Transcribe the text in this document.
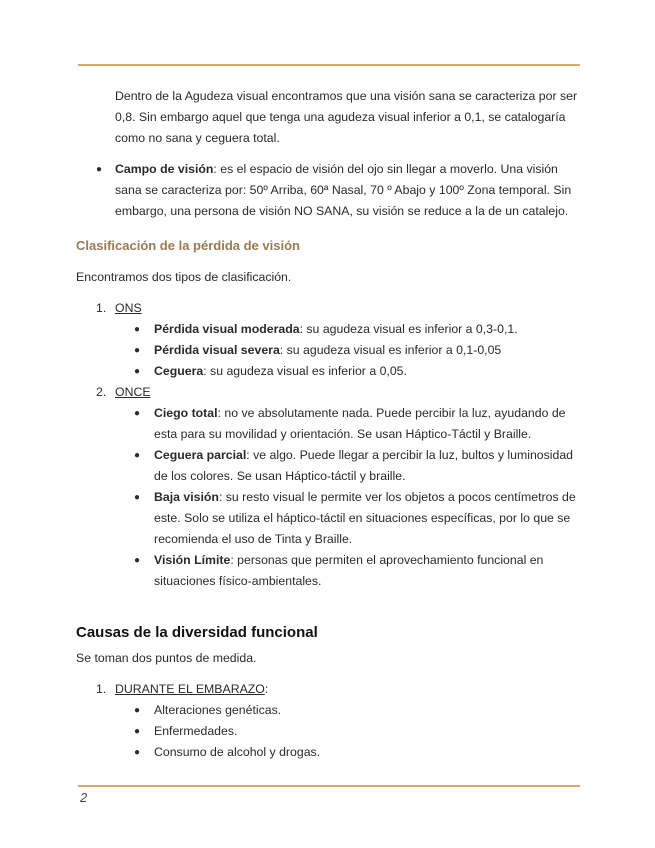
Dentro de la Agudeza visual encontramos que una visión sana se caracteriza por ser 0,8. Sin embargo aquel que tenga una agudeza visual inferior a 0,1, se catalogaría como no sana y ceguera total.

● Campo de visión: es el espacio de visión del ojo sin llegar a moverlo. Una visión sana se caracteriza por: 50º Arriba, 60ª Nasal, 70 º Abajo y 100º Zona temporal. Sin embargo, una persona de visión NO SANA, su visión se reduce a la de un catalejo.

Clasificación de la pérdida de visión

Encontramos dos tipos de clasificación.

1. ONS
● Pérdida visual moderada: su agudeza visual es inferior a 0,3-0,1.
● Pérdida visual severa: su agudeza visual es inferior a 0,1-0,05
● Ceguera: su agudeza visual es inferior a 0,05.
2. ONCE
● Ciego total: no ve absolutamente nada. Puede percibir la luz, ayudando de esta para su movilidad y orientación. Se usan Háptico-Táctil y Braille.
● Ceguera parcial: ve algo. Puede llegar a percibir la luz, bultos y luminosidad de los colores. Se usan Háptico-táctil y braille.
● Baja visión: su resto visual le permite ver los objetos a pocos centímetros de este. Solo se utiliza el háptico-táctil en situaciones específicas, por lo que se recomienda el uso de Tinta y Braille.
● Visión Límite: personas que permiten el aprovechamiento funcional en situaciones físico-ambientales.

Causas de la diversidad funcional

Se toman dos puntos de medida.

1. DURANTE EL EMBARAZO:
● Alteraciones genéticas.
● Enfermedades.
● Consumo de alcohol y drogas.
2
